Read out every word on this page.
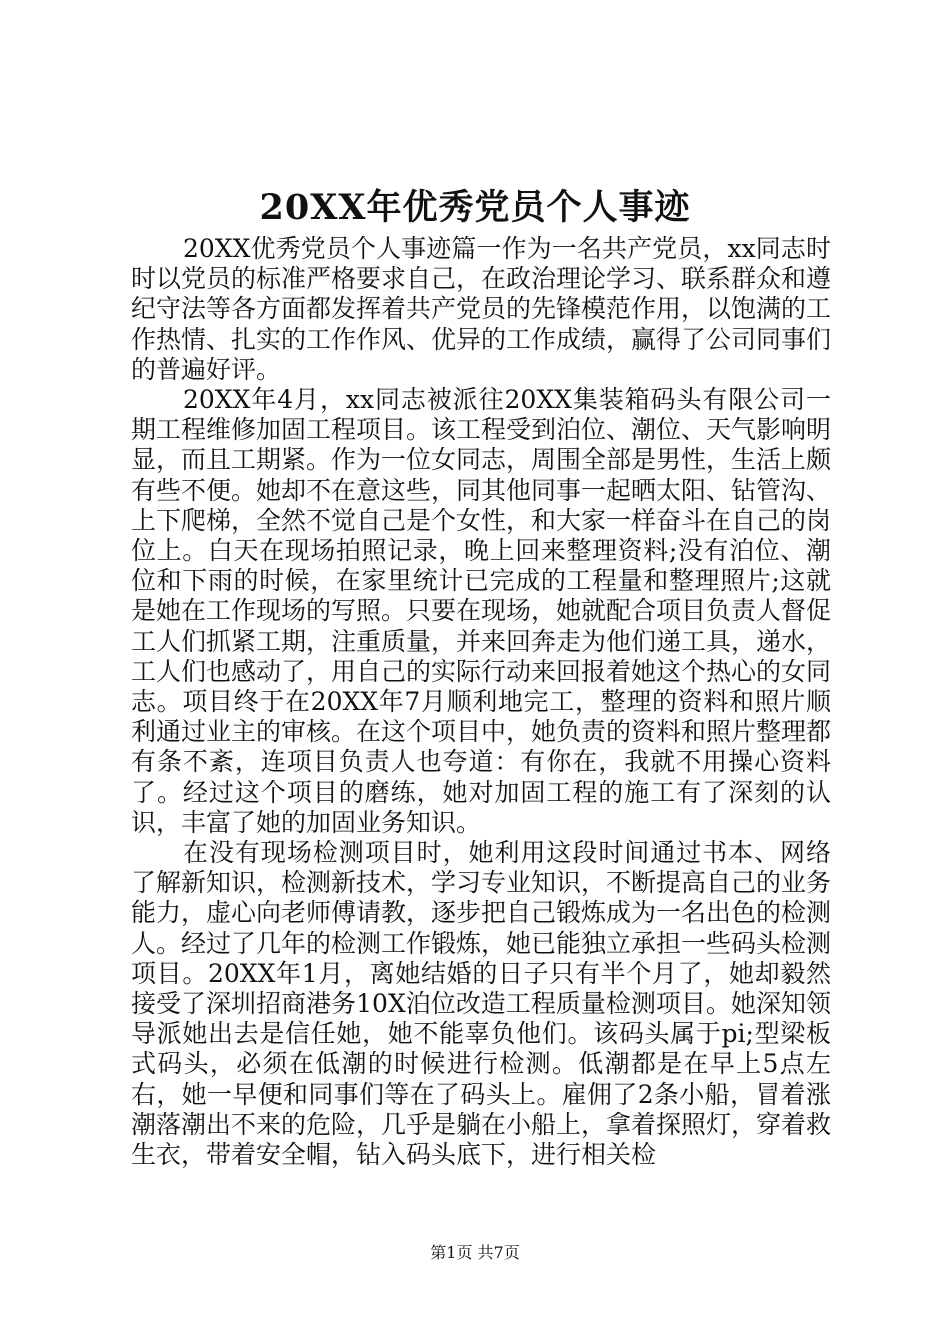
20XX年优秀党员个人事迹

20XX优秀党员个人事迹篇一作为一名共产党员，xx同志时时以党员的标准严格要求自己，在政治理论学习、联系群众和遵纪守法等各方面都发挥着共产党员的先锋模范作用，以饱满的工作热情、扎实的工作作风、优异的工作成绩，赢得了公司同事们的普遍好评。

20XX年4月，xx同志被派往20XX集装箱码头有限公司一期工程维修加固工程项目。该工程受到泊位、潮位、天气影响明显，而且工期紧。作为一位女同志，周围全部是男性，生活上颇有些不便。她却不在意这些，同其他同事一起晒太阳、钻管沟、上下爬梯，全然不觉自己是个女性，和大家一样奋斗在自己的岗位上。白天在现场拍照记录，晚上回来整理资料;没有泊位、潮位和下雨的时候，在家里统计已完成的工程量和整理照片;这就是她在工作现场的写照。只要在现场，她就配合项目负责人督促工人们抓紧工期，注重质量，并来回奔走为他们递工具，递水，工人们也感动了，用自己的实际行动来回报着她这个热心的女同志。项目终于在20XX年7月顺利地完工，整理的资料和照片顺利通过业主的审核。在这个项目中，她负责的资料和照片整理都有条不紊，连项目负责人也夸道：有你在，我就不用操心资料了。经过这个项目的磨练，她对加固工程的施工有了深刻的认识，丰富了她的加固业务知识。

在没有现场检测项目时，她利用这段时间通过书本、网络了解新知识，检测新技术，学习专业知识，不断提高自己的业务能力，虚心向老师傅请教，逐步把自己锻炼成为一名出色的检测人。经过了几年的检测工作锻炼，她已能独立承担一些码头检测项目。20XX年1月，离她结婚的日子只有半个月了，她却毅然接受了深圳招商港务10X泊位改造工程质量检测项目。她深知领导派她出去是信任她，她不能辜负他们。该码头属于pi;型梁板式码头，必须在低潮的时候进行检测。低潮都是在早上5点左右，她一早便和同事们等在了码头上。雇佣了2条小船，冒着涨潮落潮出不来的危险，几乎是躺在小船上，拿着探照灯，穿着救生衣，带着安全帽，钻入码头底下，进行相关检

第1页 共7页
